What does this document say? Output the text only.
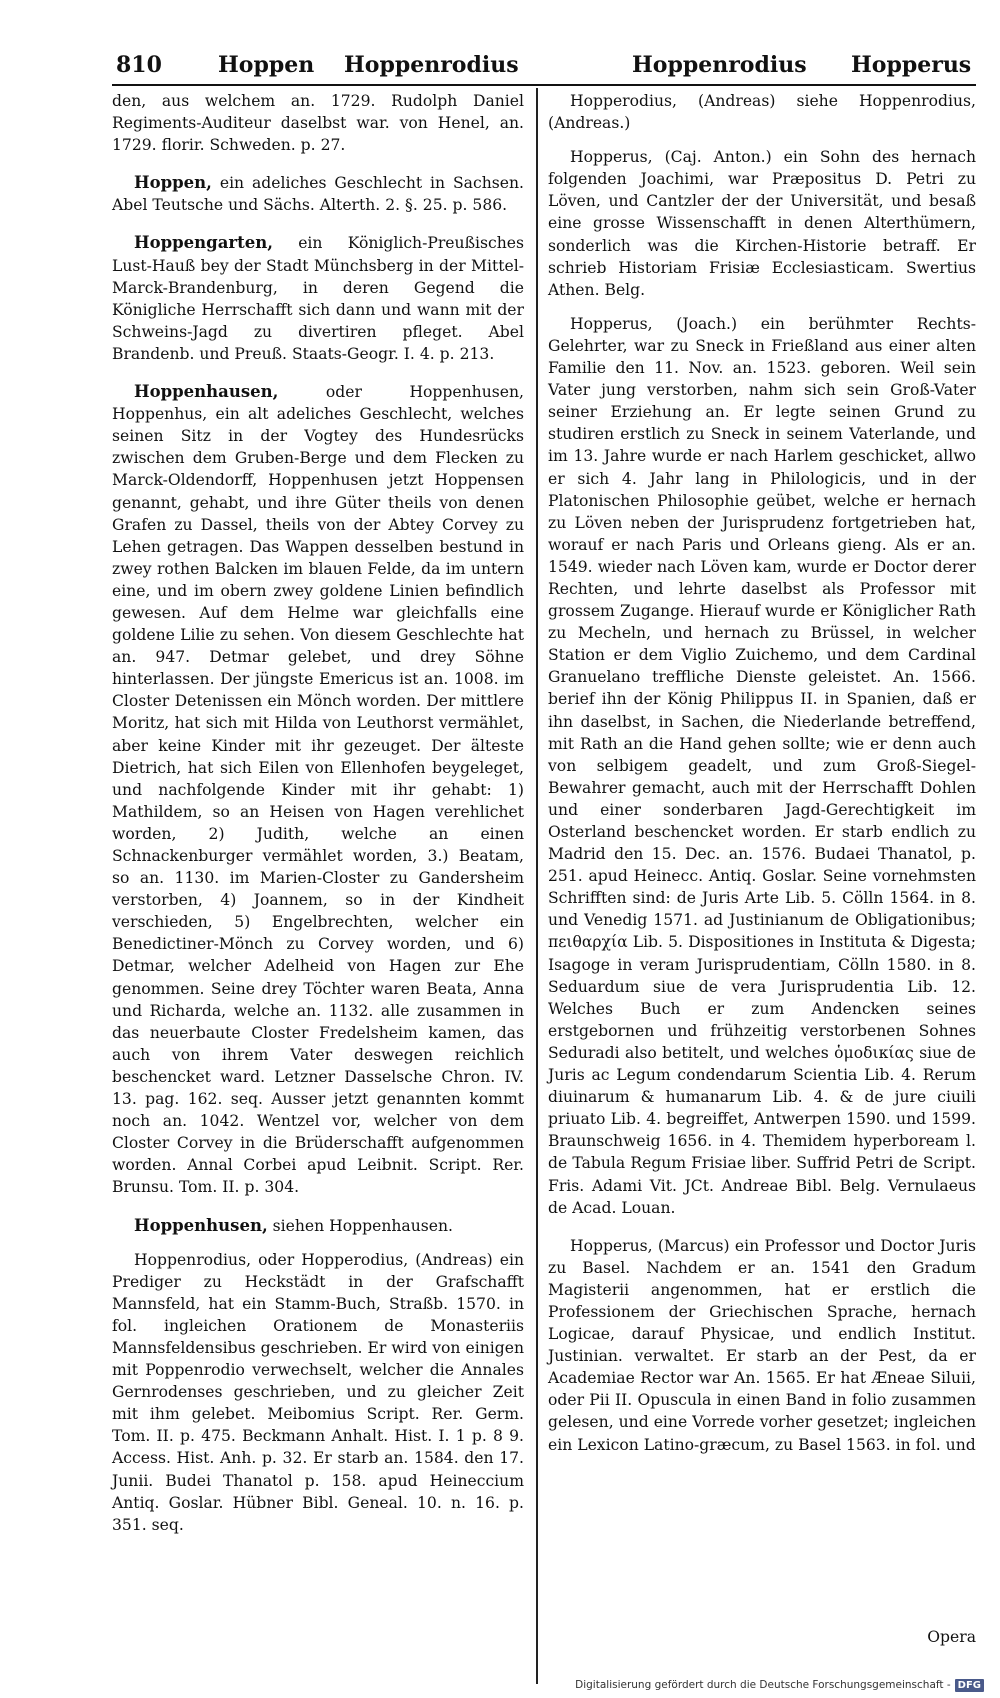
810	Hoppen Hoppenrodius	Hoppenrodius Hopperus

den, aus welchem an. 1729. Rudolph Daniel Regiments-Auditeur daselbst war. von Henel, an. 1729. florir. Schweden. p. 27.

Hoppen, ein adeliches Geschlecht in Sachsen. Abel Teutsche und Sächs. Alterth. 2. §. 25. p. 586.

Hoppengarten, ein Königlich-Preußisches Lust-Hauß bey der Stadt Münchsberg in der Mittel-Marck-Brandenburg, in deren Gegend die Königliche Herrschafft sich dann und wann mit der Schweins-Jagd zu divertiren pfleget. Abel Brandenb. und Preuß. Staats-Geogr. I. 4. p. 213.

Hoppenhausen,	oder Hoppenhusen, Hoppenhus, ein alt adeliches Geschlecht, welches seinen Sitz in der Vogtey des Hundesrücks zwischen dem Gruben-Berge und dem Flecken zu Marck-Oldendorff, Hoppenhusen jetzt Hoppensen genannt, gehabt, und ihre Güter theils von denen Grafen zu Dassel, theils von der Abtey Corvey zu Lehen getragen. Das Wappen desselben bestund in zwey rothen Balcken im blauen Felde, da im untern eine, und im obern zwey goldene Linien befindlich gewesen. Auf dem Helme war gleichfalls eine goldene Lilie zu sehen. Von diesem Geschlechte hat an. 947. Detmar gelebet, und drey Söhne hinterlassen. Der jüngste Emericus ist an. 1008. im Closter Detenissen ein Mönch worden. Der mittlere Moritz, hat sich mit Hilda von Leuthorst vermählet, aber keine Kinder mit ihr gezeuget. Der älteste Dietrich, hat sich Eilen von Ellenhofen beygeleget, und nachfolgende Kinder mit ihr gehabt: 1) Mathildem, so an Heisen von Hagen verehlichet worden, 2) Judith, welche an einen Schnackenburger vermählet worden, 3.) Beatam, so an. 1130. im Marien-Closter zu Gandersheim verstorben, 4) Joannem, so in der Kindheit verschieden, 5) Engelbrechten, welcher ein Benedictiner-Mönch zu Corvey worden, und 6) Detmar, welcher Adelheid von Hagen zur Ehe genommen. Seine drey Töchter waren Beata, Anna und Richarda, welche an. 1132. alle zusammen in das neuerbaute Closter Fredelsheim kamen, das auch von ihrem Vater deswegen reichlich beschencket ward. Letzner Dasselsche Chron. IV. 13. pag. 162. seq. Ausser jetzt genannten kommt noch an. 1042. Wentzel vor, welcher von dem Closter Corvey in die Brüderschafft aufgenommen worden. Annal Corbei apud Leibnit. Script. Rer. Brunsu. Tom. II. p. 304.

Hoppenhusen, siehen Hoppenhausen.

Hoppenrodius, oder Hopperodius, (Andreas) ein Prediger zu Heckstädt in der Grafschafft Mannsfeld, hat ein Stamm-Buch, Straßb. 1570. in fol. ingleichen Orationem de Monasteriis Mannsfeldensibus geschrieben. Er wird von einigen mit Poppenrodio verwechselt, welcher die Annales Gernrodenses geschrieben, und zu gleicher Zeit mit ihm gelebet. Meibomius Script. Rer. Germ. Tom. II. p. 475. Beckmann Anhalt. Hist. I. 1 p. 8 9. Access. Hist. Anh. p. 32. Er starb an. 1584. den 17. Junii. Budei Thanatol p. 158. apud Heineccium Antiq. Goslar. Hübner Bibl. Geneal. 10. n. 16. p. 351. seq.

Hopperodius, (Andreas) siehe Hoppenrodius, (Andreas.)

Hopperus, (Caj. Anton.) ein Sohn des hernach folgenden Joachimi, war Præpositus D. Petri zu Löven, und Cantzler der der Universität, und besaß eine grosse Wissenschafft in denen Alterthümern, sonderlich was die Kirchen-Historie betraff. Er schrieb Historiam Frisiæ Ecclesiasticam. Swertius Athen. Belg.

Hopperus, (Joach.) ein berühmter Rechts-Gelehrter, war zu Sneck in Frießland aus einer alten Familie den 11. Nov. an. 1523. geboren. Weil sein Vater jung verstorben, nahm sich sein Groß-Vater seiner Erziehung an. Er legte seinen Grund zu studiren erstlich zu Sneck in seinem Vaterlande, und im 13. Jahre wurde er nach Harlem geschicket, allwo er sich 4. Jahr lang in Philologicis, und in der Platonischen Philosophie geübet, welche er hernach zu Löven neben der Jurisprudenz fortgetrieben hat, worauf er nach Paris und Orleans gieng. Als er an. 1549. wieder nach Löven kam, wurde er Doctor derer Rechten, und lehrte daselbst als Professor mit grossem Zugange. Hierauf wurde er Königlicher Rath zu Mecheln, und hernach zu Brüssel, in welcher Station er dem Viglio Zuichemo, und dem Cardinal Granuelano treffliche Dienste geleistet. An. 1566. berief ihn der König Philippus II. in Spanien, daß er ihn daselbst, in Sachen, die Niederlande betreffend, mit Rath an die Hand gehen sollte; wie er denn auch von selbigem geadelt, und zum Groß-Siegel-Bewahrer gemacht, auch mit der Herrschafft Dohlen und einer sonderbaren Jagd-Gerechtigkeit im Osterland beschencket worden. Er starb endlich zu Madrid den 15. Dec. an. 1576. Budaei Thanatol, p. 251. apud Heinecc. Antiq. Goslar. Seine vornehmsten Schrifften sind: de Juris Arte Lib. 5. Cölln 1564. in 8. und Venedig 1571. ad Justinianum de Obligationibus; πειθαρχία Lib. 5. Dispositiones in Instituta & Digesta; Isagoge in veram Jurisprudentiam, Cölln 1580. in 8. Seduardum siue de vera Jurisprudentia Lib. 12. Welches Buch er zum Andencken seines erstgebornen und frühzeitig verstorbenen Sohnes Seduradi also betitelt, und welches ὁμοδικίας siue de Juris ac Legum condendarum Scientia Lib. 4. Rerum diuinarum & humanarum Lib. 4. & de jure ciuili priuato Lib. 4. begreiffet, Antwerpen 1590. und 1599. Braunschweig 1656. in 4. Themidem hyperboream l. de Tabula Regum Frisiae liber. Suffrid Petri de Script. Fris. Adami Vit. JCt. Andreae Bibl. Belg. Vernulaeus de Acad. Louan.

Hopperus, (Marcus) ein Professor und Doctor Juris zu Basel. Nachdem er an. 1541 den Gradum Magisterii angenommen, hat er erstlich die Professionem der Griechischen Sprache, hernach Logicae, darauf Physicae, und endlich Institut. Justinian. verwaltet. Er starb an der Pest, da er Academiae Rector war An. 1565. Er hat Æneae Siluii, oder Pii II. Opuscula in einen Band in folio zusammen gelesen, und eine Vorrede vorher gesetzet; ingleichen ein Lexicon Latino-græcum, zu Basel 1563. in fol. und

Opera
Digitalisierung gefördert durch die Deutsche Forschungsgemeinschaft - DFG
